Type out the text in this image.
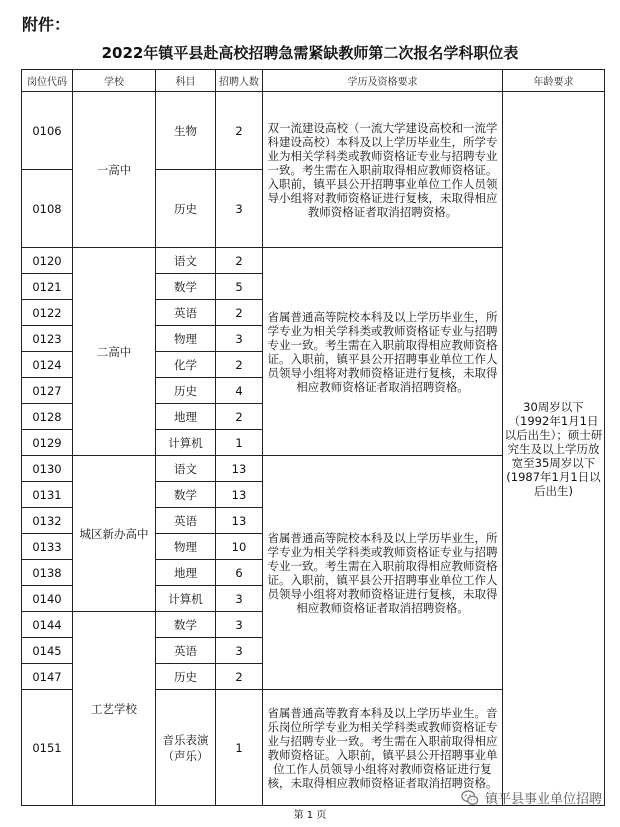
附件：
2022年镇平县赴高校招聘急需紧缺教师第二次报名学科职位表
岗位代码	学校	科目	招聘人数	学历及资格要求	年龄要求
0106	一高中	生物	2	双一流建设高校（一流大学建设高校和一流学科建设高校）本科及以上学历毕业生，所学专业为相关学科类或教师资格证专业与招聘专业一致。考生需在入职前取得相应教师资格证。入职前，镇平县公开招聘事业单位工作人员领导小组将对教师资格证进行复核，未取得相应教师资格证者取消招聘资格。	30周岁以下（1992年1月1日以后出生）；硕士研究生及以上学历放宽至35周岁以下(1987年1月1日以后出生)
0108		历史	3		
0120	二高中	语文	2	省属普通高等院校本科及以上学历毕业生，所学专业为相关学科类或教师资格证专业与招聘专业一致。考生需在入职前取得相应教师资格证。入职前，镇平县公开招聘事业单位工作人员领导小组将对教师资格证进行复核，未取得相应教师资格证者取消招聘资格。	
0121		数学	5		
0122		英语	2		
0123		物理	3		
0124		化学	2		
0127		历史	4		
0128		地理	2		
0129		计算机	1		
0130	城区新办高中	语文	13	省属普通高等院校本科及以上学历毕业生，所学专业为相关学科类或教师资格证专业与招聘专业一致。考生需在入职前取得相应教师资格证。入职前，镇平县公开招聘事业单位工作人员领导小组将对教师资格证进行复核，未取得相应教师资格证者取消招聘资格。	
0131		数学	13		
0132		英语	13		
0133		物理	10		
0138		地理	6		
0140		计算机	3		
0144	工艺学校	数学	3		
0145		英语	3		
0147		历史	2		
0151		音乐表演（声乐）	1	省属普通高等教育本科及以上学历毕业生。音乐岗位所学专业为相关学科类或教师资格证专业与招聘专业一致。考生需在入职前取得相应教师资格证。入职前，镇平县公开招聘事业单位工作人员领导小组将对教师资格证进行复核，未取得相应教师资格证者取消招聘资格。	
第 1 页
镇平县事业单位招聘
